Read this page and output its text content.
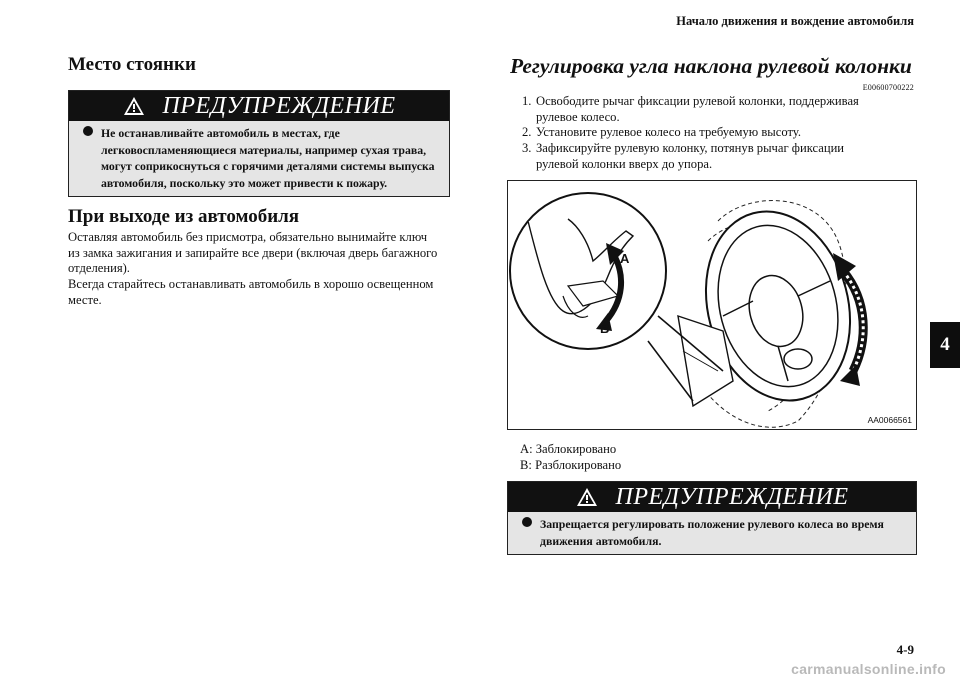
Начало движения и вождение автомобиля
4
4-9
Место стоянки
ПРЕДУПРЕЖДЕНИЕ
Не останавливайте автомобиль в местах, где
легковоспламеняющиеся материалы, например сухая трава,
могут соприкоснуться с горячими деталями системы выпуска
автомобиля, поскольку это может привести к пожару.
При выходе из автомобиля
Оставляя автомобиль без присмотра, обязательно вынимайте ключ
из замка зажигания и запирайте все двери (включая дверь багажного
отделения).
Всегда старайтесь останавливать автомобиль в хорошо освещенном
месте.
Регулировка угла наклона рулевой колонки
E00600700222
1. Освободите рычаг фиксации рулевой колонки, поддерживая
рулевое колесо.
2. Установите рулевое колесо на требуемую высоту.
3. Зафиксируйте рулевую колонку, потянув рычаг фиксации
рулевой колонки вверх до упора.
A
B
AA0066561
A: Заблокировано
B: Разблокировано
ПРЕДУПРЕЖДЕНИЕ
Запрещается регулировать положение рулевого колеса во время
движения автомобиля.
carmanualsonline.info
